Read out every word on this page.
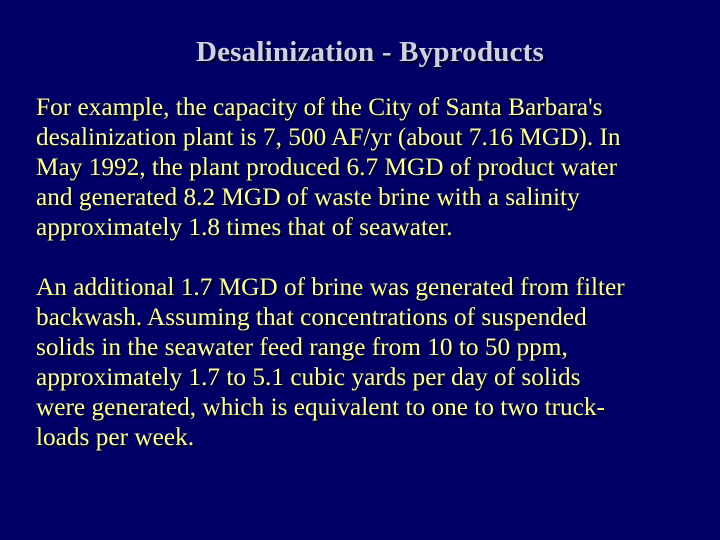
Desalinization - Byproducts

For example, the capacity of the City of Santa Barbara's
desalinization plant is 7, 500 AF/yr (about 7.16 MGD). In
May 1992, the plant produced 6.7 MGD of product water
and generated 8.2 MGD of waste brine with a salinity
approximately 1.8 times that of seawater.

An additional 1.7 MGD of brine was generated from filter
backwash. Assuming that concentrations of suspended
solids in the seawater feed range from 10 to 50 ppm,
approximately 1.7 to 5.1 cubic yards per day of solids
were generated, which is equivalent to one to two truck-
loads per week.
